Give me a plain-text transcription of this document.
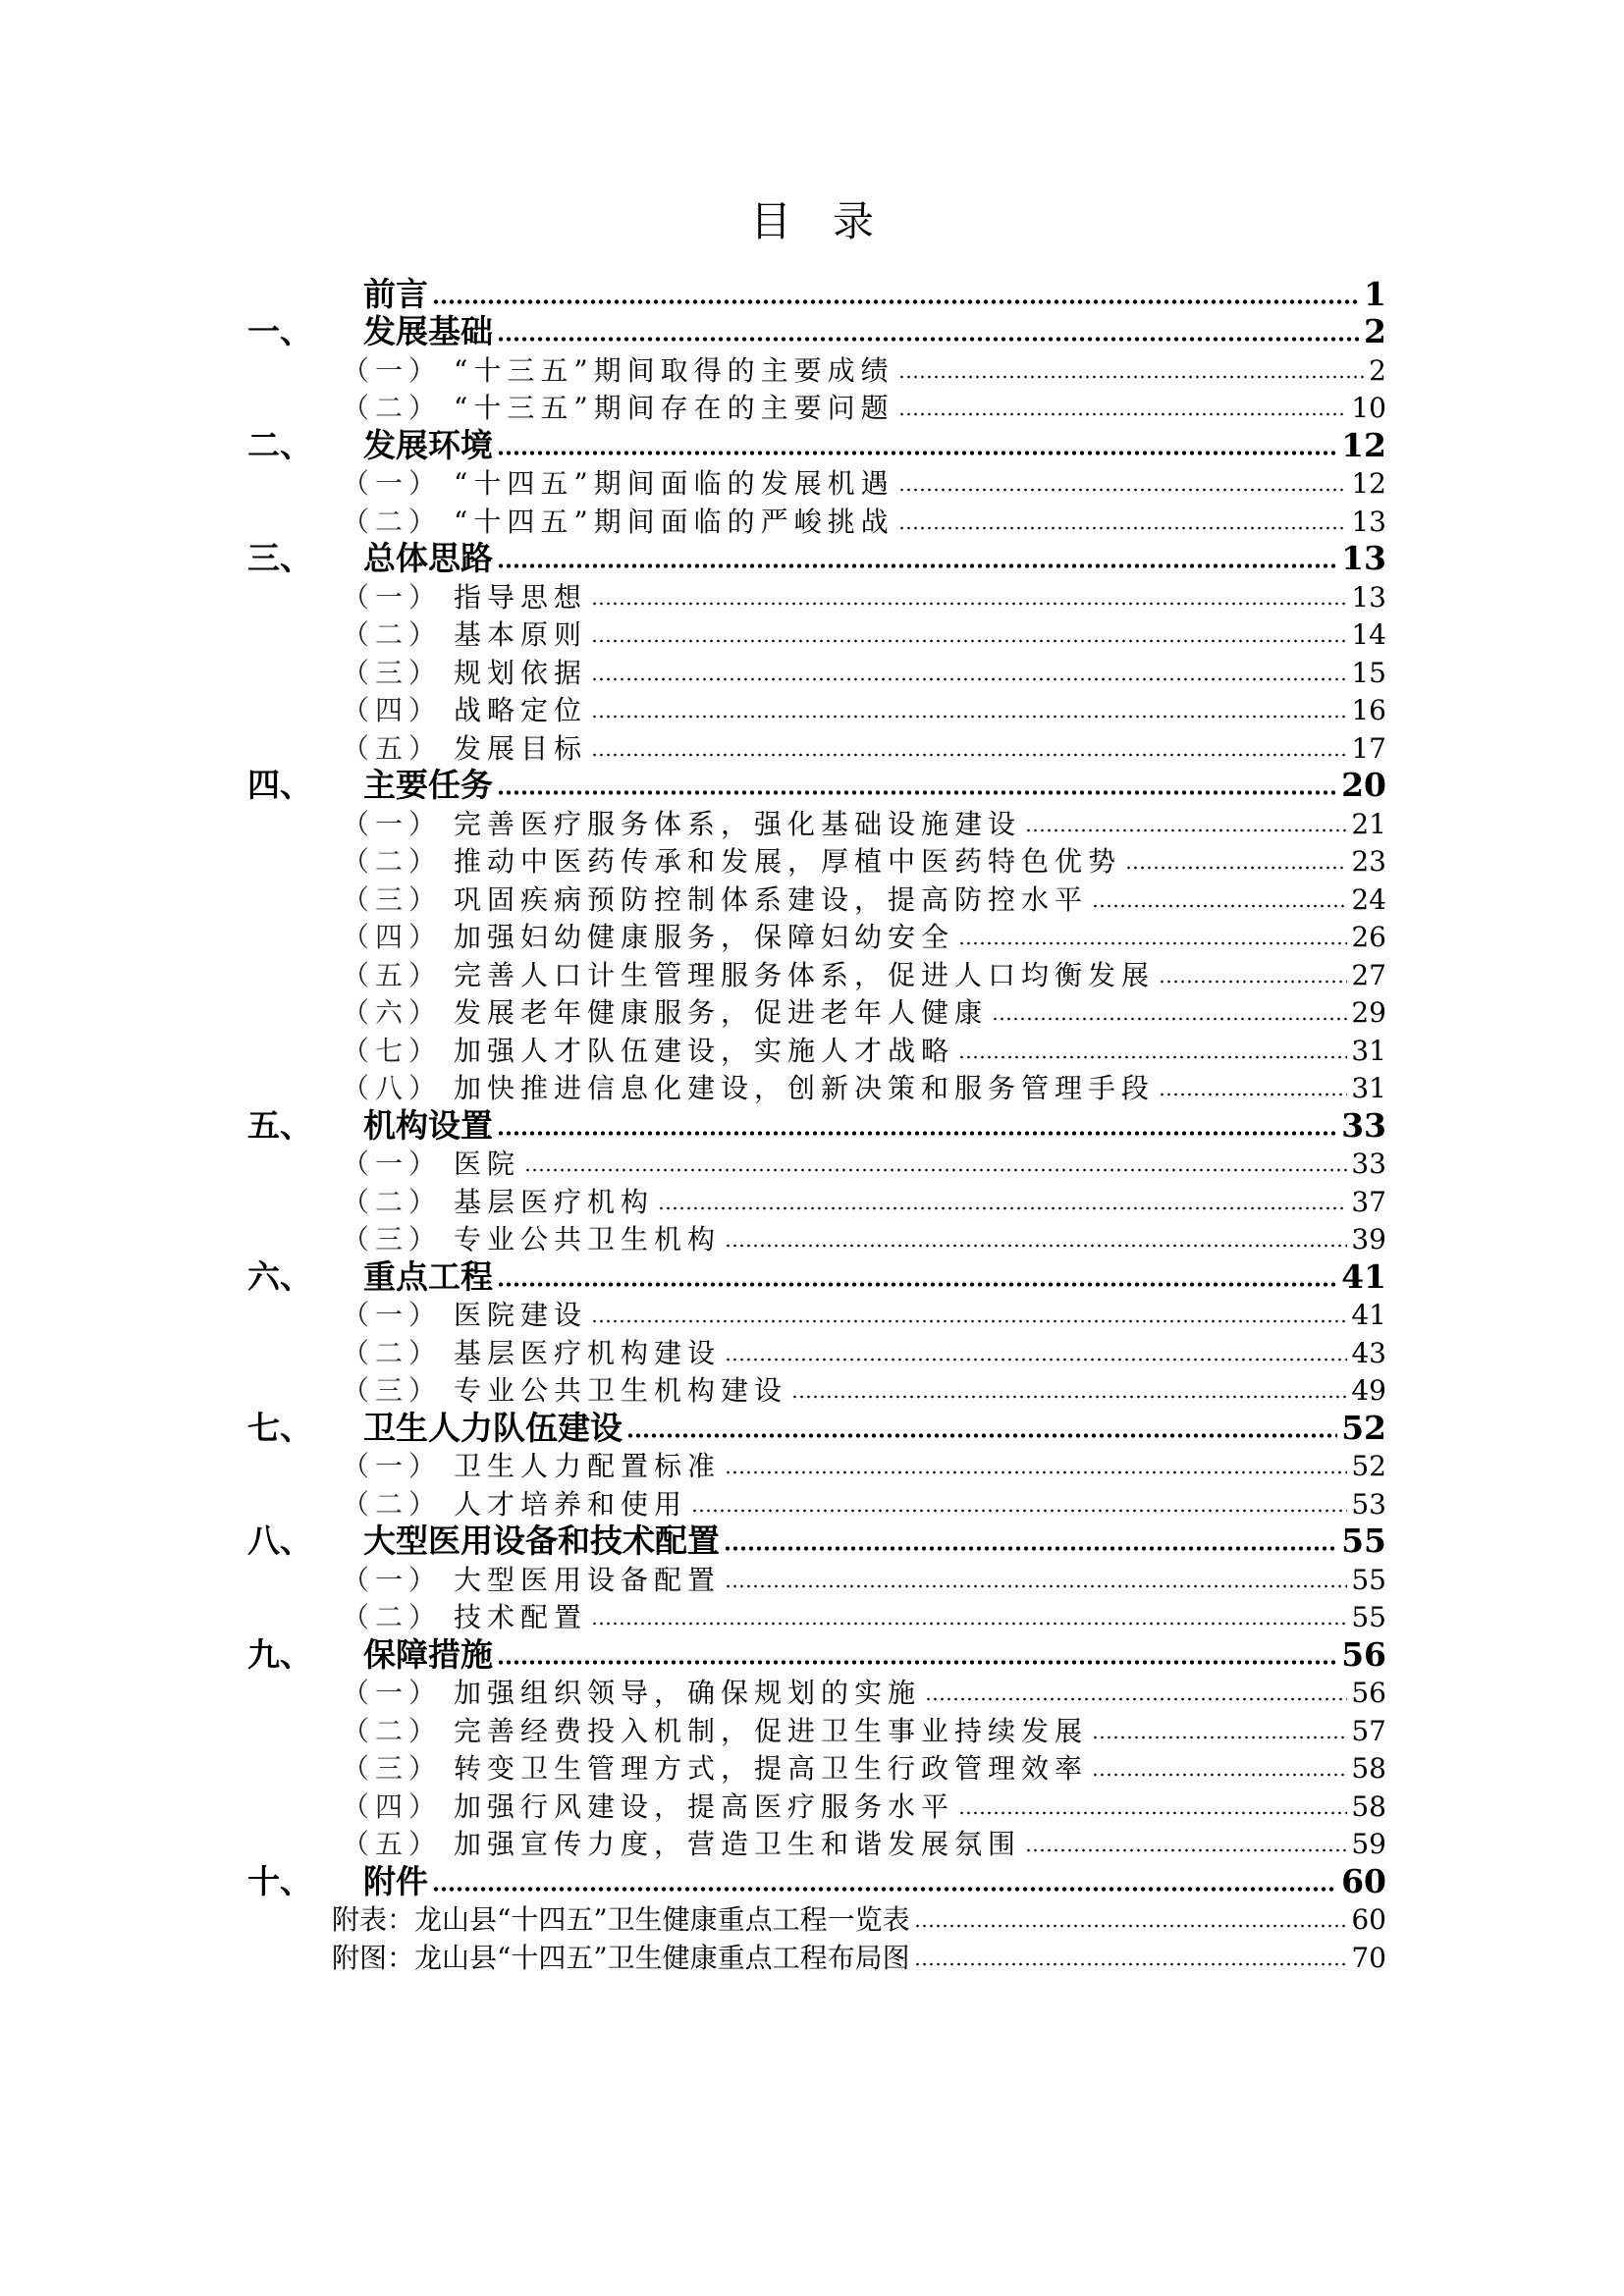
目 录
前言	1
一、	发展基础	2
（一） “十三五”期间取得的主要成绩	2
（二） “十三五”期间存在的主要问题	10
二、	发展环境	12
（一） “十四五”期间面临的发展机遇	12
（二） “十四五”期间面临的严峻挑战	13
三、	总体思路	13
（一） 指导思想	13
（二） 基本原则	14
（三） 规划依据	15
（四） 战略定位	16
（五） 发展目标	17
四、	主要任务	20
（一） 完善医疗服务体系，强化基础设施建设	21
（二） 推动中医药传承和发展，厚植中医药特色优势	23
（三） 巩固疾病预防控制体系建设，提高防控水平	24
（四） 加强妇幼健康服务，保障妇幼安全	26
（五） 完善人口计生管理服务体系，促进人口均衡发展	27
（六） 发展老年健康服务，促进老年人健康	29
（七） 加强人才队伍建设，实施人才战略	31
（八） 加快推进信息化建设，创新决策和服务管理手段	31
五、	机构设置	33
（一） 医院	33
（二） 基层医疗机构	37
（三） 专业公共卫生机构	39
六、	重点工程	41
（一） 医院建设	41
（二） 基层医疗机构建设	43
（三） 专业公共卫生机构建设	49
七、	卫生人力队伍建设	52
（一） 卫生人力配置标准	52
（二） 人才培养和使用	53
八、	大型医用设备和技术配置	55
（一） 大型医用设备配置	55
（二） 技术配置	55
九、	保障措施	56
（一） 加强组织领导，确保规划的实施	56
（二） 完善经费投入机制，促进卫生事业持续发展	57
（三） 转变卫生管理方式，提高卫生行政管理效率	58
（四） 加强行风建设，提高医疗服务水平	58
（五） 加强宣传力度，营造卫生和谐发展氛围	59
十、	附件	60
附表：龙山县“十四五”卫生健康重点工程一览表	60
附图：龙山县“十四五”卫生健康重点工程布局图	70
